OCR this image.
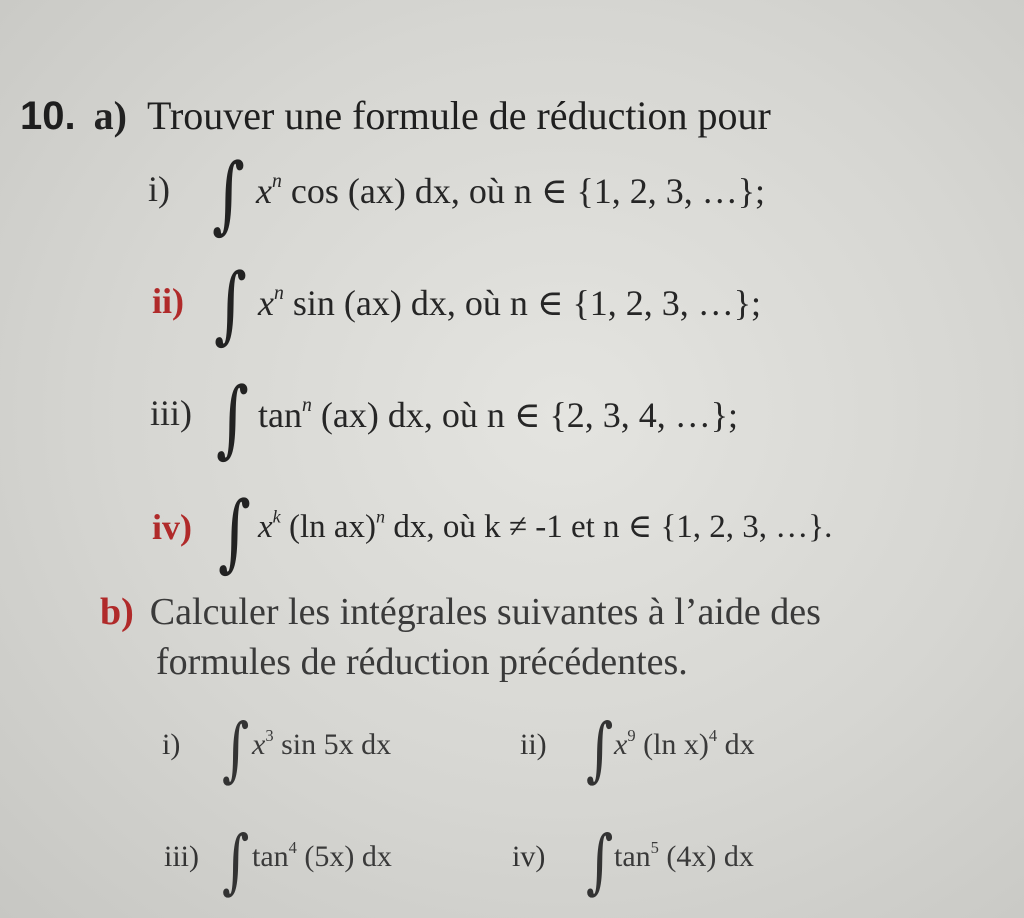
10. a) Trouver une formule de réduction pour
i) ∫ $x^n$ cos (ax) dx, où n ∈ {1, 2, 3, …};
ii) ∫ $x^n$ sin (ax) dx, où n ∈ {1, 2, 3, …};
iii) ∫ $\tan^n (ax)$ dx, où n ∈ {2, 3, 4, …};
iv) ∫ $x^k$ (ln ax)$^n$ dx, où k ≠ -1 et n ∈ {1, 2, 3, …}.
b) Calculer les intégrales suivantes à l’aide des
formules de réduction précédentes.
i) ∫ $x^3$ sin 5x dx	ii) ∫ $x^9$ (ln x)$^4$ dx
iii) ∫ $\tan^4 (5x)$ dx	iv) ∫ $\tan^5 (4x)$ dx
